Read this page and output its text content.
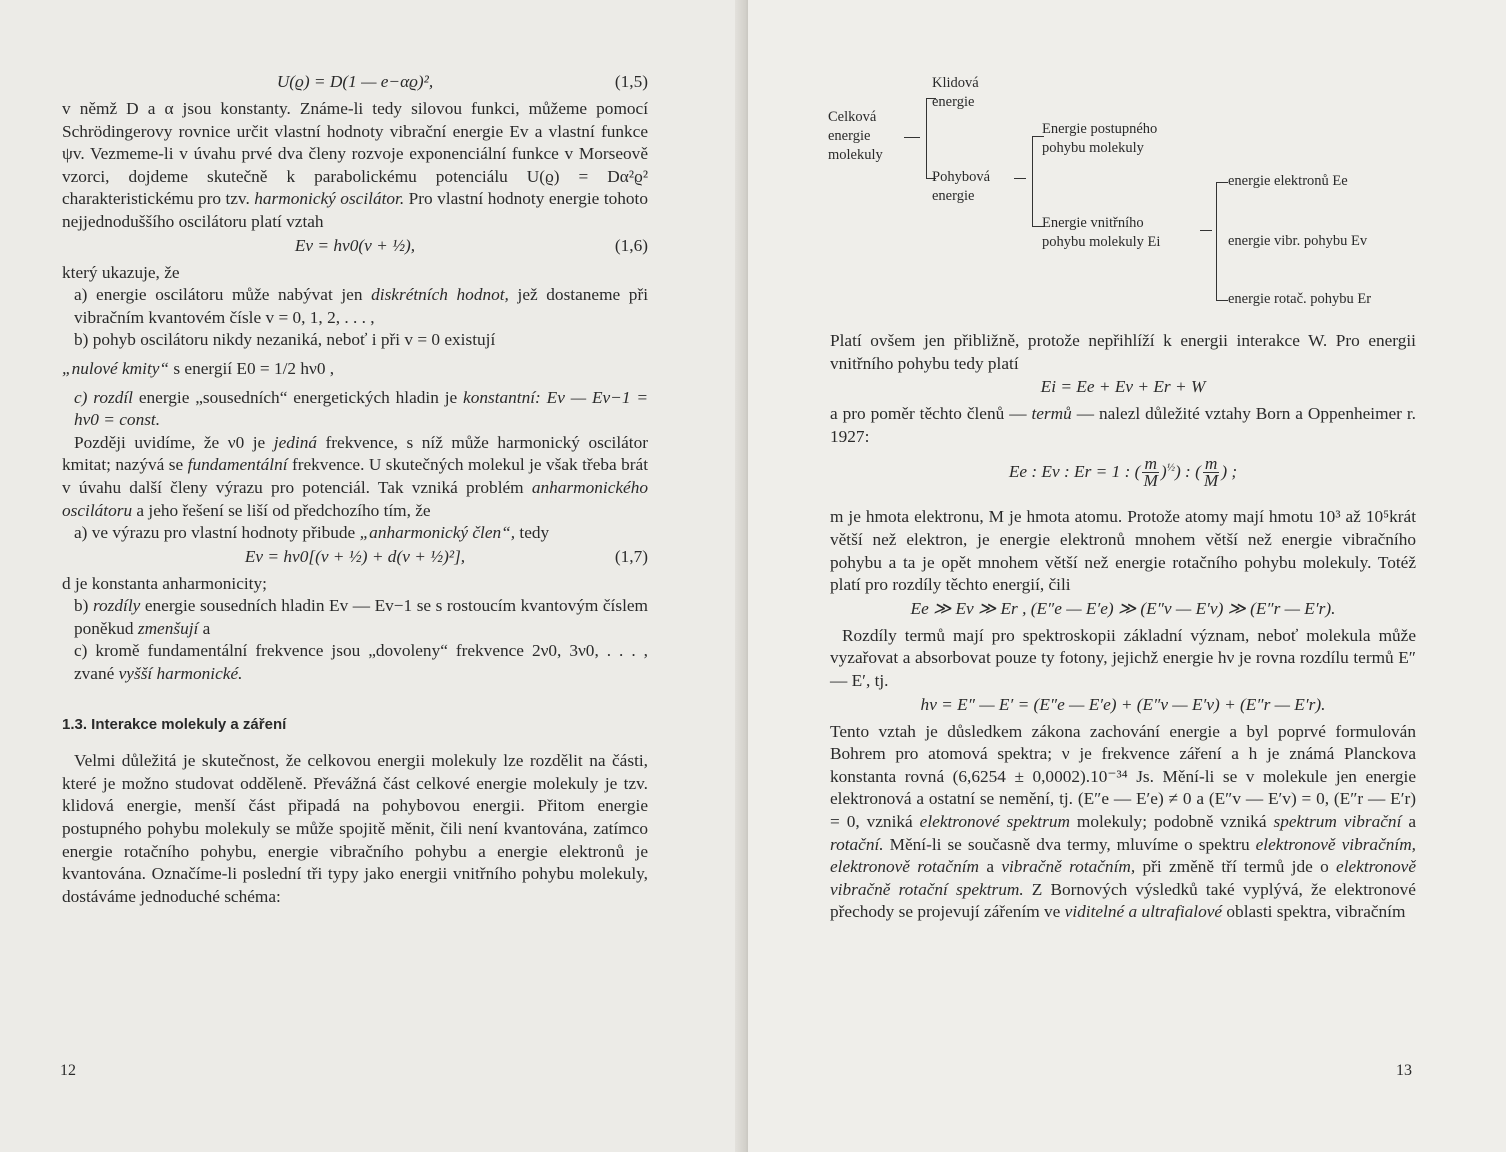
U(ϱ) = D(1 — e−αϱ)²,	(1,5)

v němž D a α jsou konstanty. Známe-li tedy silovou funkci, můžeme pomocí Schrödingerovy rovnice určit vlastní hodnoty vibrační energie Ev a vlastní funkce ψv. Vezmeme-li v úvahu prvé dva členy rozvoje exponenciální funkce v Morseově vzorci, dojdeme skutečně k parabolickému potenciálu U(ϱ) = Dα²ϱ² charakteristickému pro tzv. harmonický oscilátor. Pro vlastní hodnoty energie tohoto nejjednoduššího oscilátoru platí vztah

Ev = hν0(v + ½),	(1,6)

který ukazuje, že

a) energie oscilátoru může nabývat jen diskrétních hodnot, jež dostaneme při vibračním kvantovém čísle v = 0, 1, 2, . . . ,

b) pohyb oscilátoru nikdy nezaniká, neboť i při v = 0 existují

„nulové kmity“ s energií E0 = 1/2 hν0 ,

c) rozdíl energie „sousedních“ energetických hladin je konstantní: Ev — Ev−1 = hν0 = const.

Později uvidíme, že ν0 je jediná frekvence, s níž může harmonický oscilátor kmitat; nazývá se fundamentální frekvence. U skutečných molekul je však třeba brát v úvahu další členy výrazu pro potenciál. Tak vzniká problém anharmonického oscilátoru a jeho řešení se liší od předchozího tím, že

a) ve výrazu pro vlastní hodnoty přibude „anharmonický člen“, tedy

Ev = hν0[(v + ½) + d(v + ½)²],	(1,7)

d je konstanta anharmonicity;

b) rozdíly energie sousedních hladin Ev — Ev−1 se s rostoucím kvantovým číslem poněkud zmenšují a

c) kromě fundamentální frekvence jsou „dovoleny“ frekvence 2ν0, 3ν0, . . . , zvané vyšší harmonické.

1.3. Interakce molekuly a záření

Velmi důležitá je skutečnost, že celkovou energii molekuly lze rozdělit na části, které je možno studovat odděleně. Převážná část celkové energie molekuly je tzv. klidová energie, menší část připadá na pohybovou energii. Přitom energie postupného pohybu molekuly se může spojitě měnit, čili není kvantována, zatímco energie rotačního pohybu, energie vibračního pohybu a energie elektronů je kvantována. Označíme-li poslední tři typy jako energii vnitřního pohybu molekuly, dostáváme jednoduché schéma:

12
Celková
energie
molekuly
Klidová
energie
Pohybová
energie
Energie postupného
pohybu molekuly
Energie vnitřního
pohybu molekuly Ei
energie elektronů Ee
energie vibr. pohybu Ev
energie rotač. pohybu Er

Platí ovšem jen přibližně, protože nepřihlíží k energii interakce W. Pro energii vnitřního pohybu tedy platí

Ei = Ee + Ev + Er + W

a pro poměr těchto členů — termů — nalezl důležité vztahy Born a Oppenheimer r. 1927:

Ee : Ev : Er = 1 : ( $\frac{m}{M} )^{\frac{1}{2}}$) : ( $\frac{m}{M}$ ) ;

m je hmota elektronu, M je hmota atomu. Protože atomy mají hmotu 10³ až 10⁵krát větší než elektron, je energie elektronů mnohem větší než energie vibračního pohybu a ta je opět mnohem větší než energie rotačního pohybu molekuly. Totéž platí pro rozdíly těchto energií, čili

Ee ≫ Ev ≫ Er , (E″e — E′e) ≫ (E″v — E′v) ≫ (E″r — E′r).

Rozdíly termů mají pro spektroskopii základní význam, neboť molekula může vyzařovat a absorbovat pouze ty fotony, jejichž energie hν je rovna rozdílu termů E″ — E′, tj.

hν = E″ — E′ = (E″e — E′e) + (E″v — E′v) + (E″r — E′r).

Tento vztah je důsledkem zákona zachování energie a byl poprvé formulován Bohrem pro atomová spektra; ν je frekvence záření a h je známá Planckova konstanta rovná (6,6254 ± 0,0002).10⁻³⁴ Js. Mění-li se v molekule jen energie elektronová a ostatní se nemění, tj. (E″e — E′e) ≠ 0 a (E″v — E′v) = 0, (E″r — E′r) = 0, vzniká elektronové spektrum molekuly; podobně vzniká spektrum vibrační a rotační. Mění-li se současně dva termy, mluvíme o spektru elektronově vibračním, elektronově rotačním a vibračně rotačním, při změně tří termů jde o elektronově vibračně rotační spektrum. Z Bornových výsledků také vyplývá, že elektronové přechody se projevují zářením ve viditelné a ultrafialové oblasti spektra, vibračním

13
